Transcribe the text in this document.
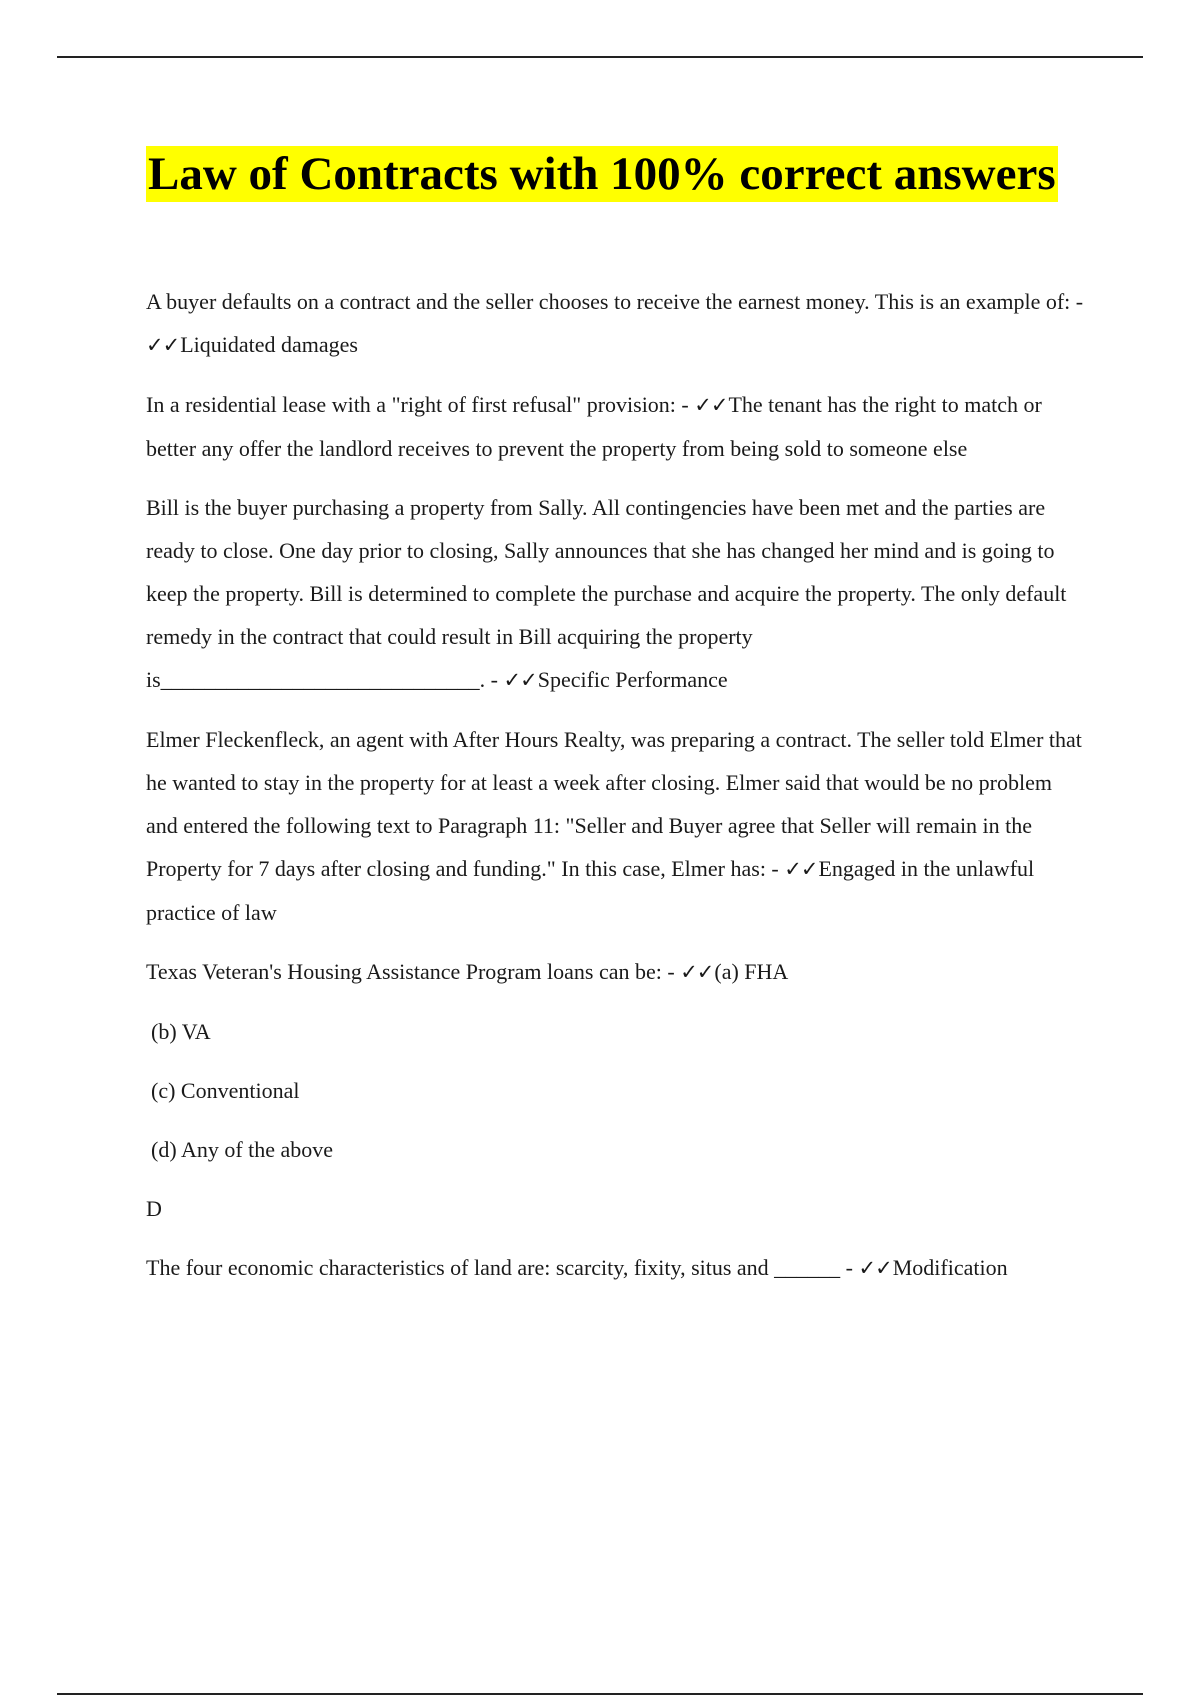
Law of Contracts with 100% correct answers

A buyer defaults on a contract and the seller chooses to receive the earnest money. This is an example of: - ✓✓Liquidated damages

In a residential lease with a "right of first refusal" provision: - ✓✓The tenant has the right to match or better any offer the landlord receives to prevent the property from being sold to someone else

Bill is the buyer purchasing a property from Sally. All contingencies have been met and the parties are ready to close. One day prior to closing, Sally announces that she has changed her mind and is going to keep the property. Bill is determined to complete the purchase and acquire the property. The only default remedy in the contract that could result in Bill acquiring the property is_____________________________. - ✓✓Specific Performance

Elmer Fleckenfleck, an agent with After Hours Realty, was preparing a contract. The seller told Elmer that he wanted to stay in the property for at least a week after closing. Elmer said that would be no problem and entered the following text to Paragraph 11: "Seller and Buyer agree that Seller will remain in the Property for 7 days after closing and funding." In this case, Elmer has: - ✓✓Engaged in the unlawful practice of law

Texas Veteran's Housing Assistance Program loans can be: - ✓✓(a) FHA

(b) VA

(c) Conventional

(d) Any of the above

D

The four economic characteristics of land are: scarcity, fixity, situs and ______ - ✓✓Modification
